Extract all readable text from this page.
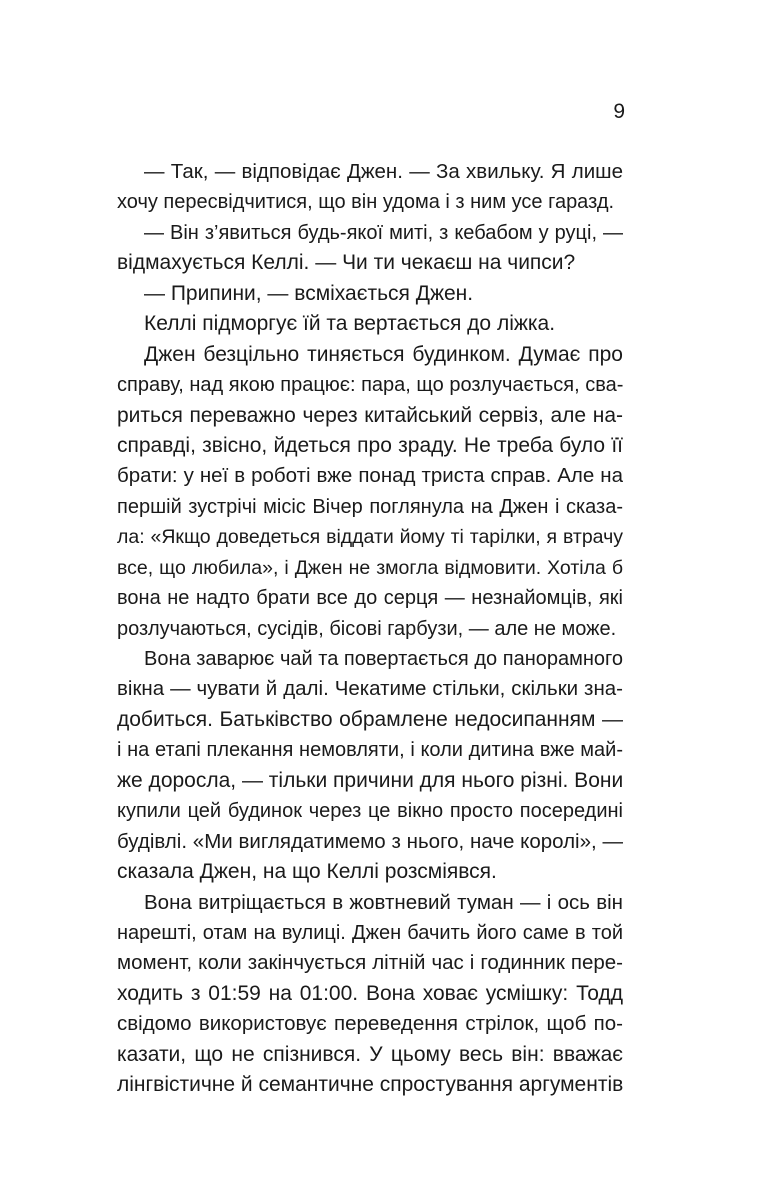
9
— Так, — відповідає Джен. — За хвильку. Я лише
хочу пересвідчитися, що він удома і з ним усе гаразд.
— Він з’явиться будь-якої миті, з кебабом у руці, —
відмахується Келлі. — Чи ти чекаєш на чипси?
— Припини, — всміхається Джен.
Келлі підморгує їй та вертається до ліжка.
Джен безцільно тиняється будинком. Думає про
справу, над якою працює: пара, що розлучається, сва-
риться переважно через китайський сервіз, але на-
справді, звісно, йдеться про зраду. Не треба було її
брати: у неї в роботі вже понад триста справ. Але на
першій зустрічі місіс Вічер поглянула на Джен і сказа-
ла: «Якщо доведеться віддати йому ті тарілки, я втрачу
все, що любила», і Джен не змогла відмовити. Хотіла б
вона не надто брати все до серця — незнайомців, які
розлучаються, сусідів, бісові гарбузи, — але не може.
Вона заварює чай та повертається до панорамного
вікна — чувати й далі. Чекатиме стільки, скільки зна-
добиться. Батьківство обрамлене недосипанням —
і на етапі плекання немовляти, і коли дитина вже май-
же доросла, — тільки причини для нього різні. Вони
купили цей будинок через це вікно просто посередині
будівлі. «Ми виглядатимемо з нього, наче королі», —
сказала Джен, на що Келлі розсміявся.
Вона витріщається в жовтневий туман — і ось він
нарешті, отам на вулиці. Джен бачить його саме в той
момент, коли закінчується літній час і годинник пере-
ходить з 01:59 на 01:00. Вона ховає усмішку: Тодд
свідомо використовує переведення стрілок, щоб по-
казати, що не спізнився. У цьому весь він: вважає
лінгвістичне й семантичне спростування аргументів
